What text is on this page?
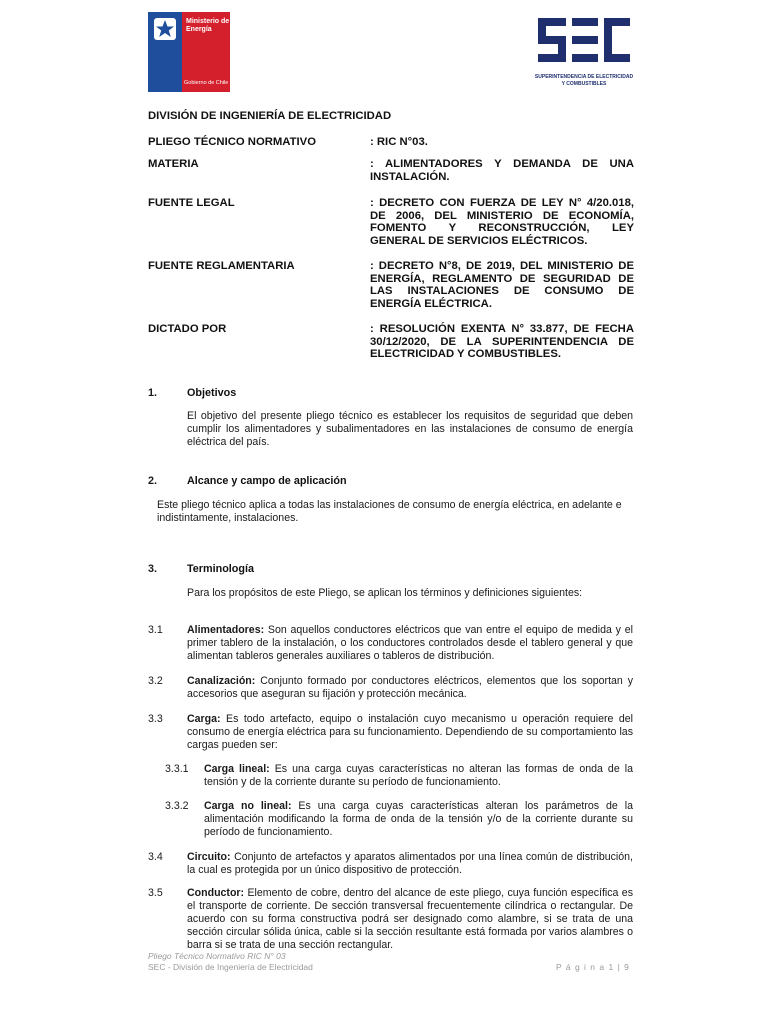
Ministerio de
Energía
Gobierno de Chile
SUPERINTENDENCIA DE ELECTRICIDAD
Y COMBUSTIBLES
DIVISIÓN DE INGENIERÍA DE ELECTRICIDAD
PLIEGO TÉCNICO NORMATIVO	: RIC N°03.
MATERIA	: ALIMENTADORES Y DEMANDA DE UNA INSTALACIÓN.
FUENTE LEGAL	: DECRETO CON FUERZA DE LEY N° 4/20.018, DE 2006, DEL MINISTERIO DE ECONOMÍA, FOMENTO Y RECONSTRUCCIÓN, LEY GENERAL DE SERVICIOS ELÉCTRICOS.
FUENTE REGLAMENTARIA	: DECRETO N°8, DE 2019, DEL MINISTERIO DE ENERGÍA, REGLAMENTO DE SEGURIDAD DE LAS INSTALACIONES DE CONSUMO DE ENERGÍA ELÉCTRICA.
DICTADO POR	: RESOLUCIÓN EXENTA N° 33.877, DE FECHA 30/12/2020, DE LA SUPERINTENDENCIA DE ELECTRICIDAD Y COMBUSTIBLES.
1.	Objetivos
El objetivo del presente pliego técnico es establecer los requisitos de seguridad que deben cumplir los alimentadores y subalimentadores en las instalaciones de consumo de energía eléctrica del país.
2.	Alcance y campo de aplicación
Este pliego técnico aplica a todas las instalaciones de consumo de energía eléctrica, en adelante e indistintamente, instalaciones.
3.	Terminología
Para los propósitos de este Pliego, se aplican los términos y definiciones siguientes:
3.1 Alimentadores: Son aquellos conductores eléctricos que van entre el equipo de medida y el primer tablero de la instalación, o los conductores controlados desde el tablero general y que alimentan tableros generales auxiliares o tableros de distribución.
3.2 Canalización: Conjunto formado por conductores eléctricos, elementos que los soportan y accesorios que aseguran su fijación y protección mecánica.
3.3 Carga: Es todo artefacto, equipo o instalación cuyo mecanismo u operación requiere del consumo de energía eléctrica para su funcionamiento. Dependiendo de su comportamiento las cargas pueden ser:
3.3.1 Carga lineal: Es una carga cuyas características no alteran las formas de onda de la tensión y de la corriente durante su período de funcionamiento.
3.3.2 Carga no lineal: Es una carga cuyas características alteran los parámetros de la alimentación modificando la forma de onda de la tensión y/o de la corriente durante su período de funcionamiento.
3.4 Circuito: Conjunto de artefactos y aparatos alimentados por una línea común de distribución, la cual es protegida por un único dispositivo de protección.
3.5 Conductor: Elemento de cobre, dentro del alcance de este pliego, cuya función específica es el transporte de corriente. De sección transversal frecuentemente cilíndrica o rectangular. De acuerdo con su forma constructiva podrá ser designado como alambre, si se trata de una sección circular sólida única, cable si la sección resultante está formada por varios alambres o barra si se trata de una sección rectangular.
Pliego Técnico Normativo RIC N° 03
SEC - División de Ingeniería de Electricidad	P á g i n a 1 | 9
